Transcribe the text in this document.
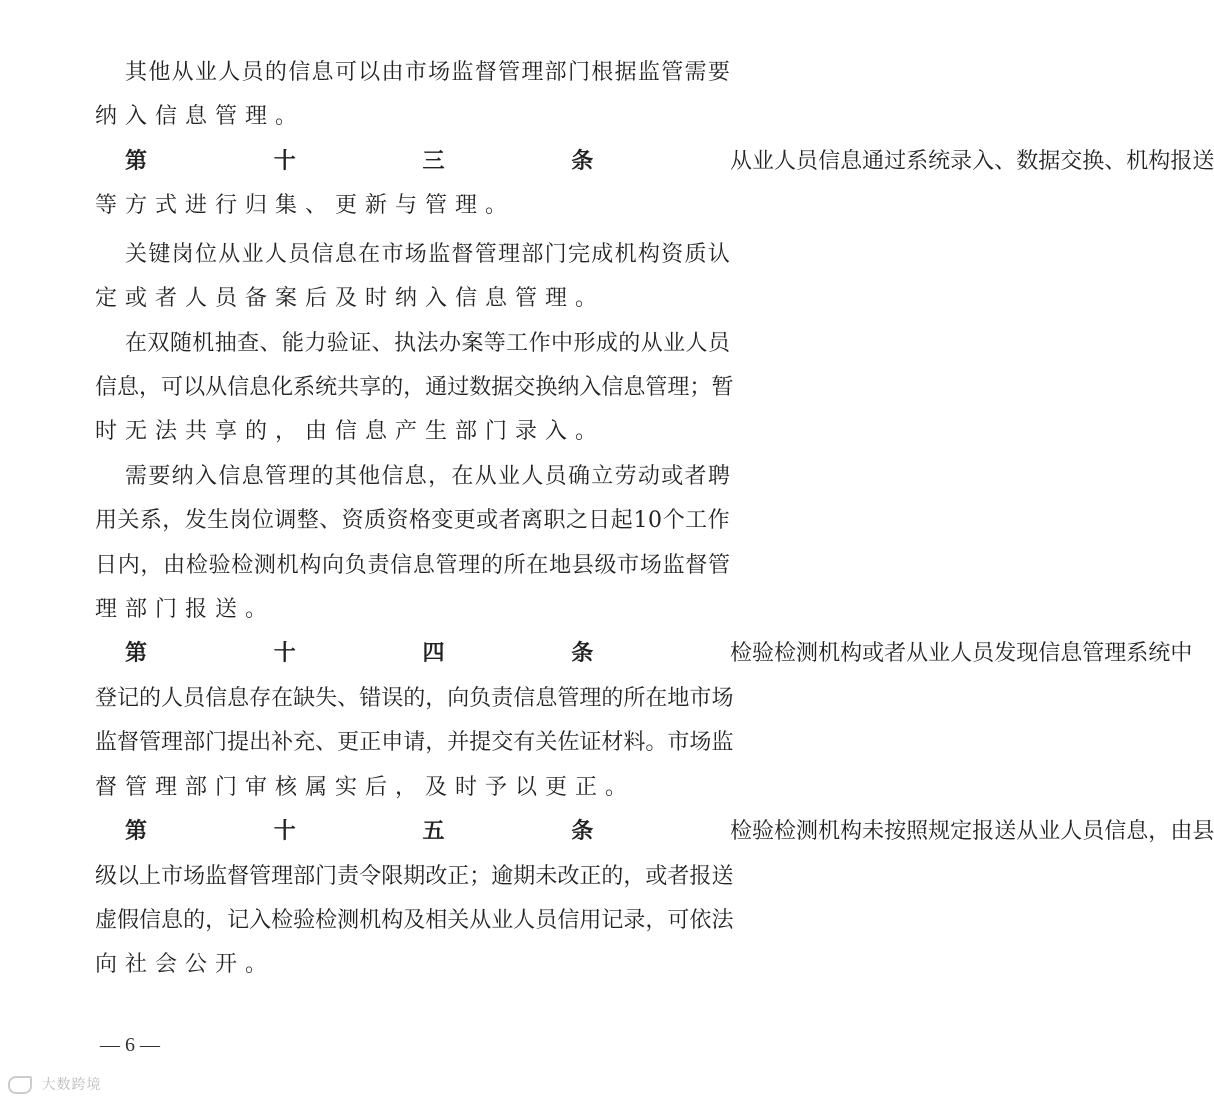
其 他 从 业 人 员 的 信 息 可 以 由 市 场 监 督 管 理 部 门 根 据 监 管 需 要
纳入信息管理。
第十三条 从 业 人 员 信 息 通 过 系 统 录 入 、 数 据 交 换 、 机 构 报 送
等方式进行归集、更新与管理。
关 键 岗 位 从 业 人 员 信 息 在 市 场 监 督 管 理 部 门 完 成 机 构 资 质 认
定或者人员备案后及时纳入信息管理。
在 双 随 机 抽 查 、 能 力 验 证 、 执 法 办 案 等 工 作 中 形 成 的 从 业 人 员
信 息 ， 可 以 从 信 息 化 系 统 共 享 的 ， 通 过 数 据 交 换 纳 入 信 息 管 理 ； 暂
时无法共享的，由信息产生部门录入。
需 要 纳 入 信 息 管 理 的 其 他 信 息 ， 在 从 业 人 员 确 立 劳 动 或 者 聘
用 关 系 ， 发 生 岗 位 调 整 、 资 质 资 格 变 更 或 者 离 职 之 日 起 1 0 个 工 作
日 内 ， 由 检 验 检 测 机 构 向 负 责 信 息 管 理 的 所 在 地 县 级 市 场 监 督 管
理部门报送。
第十四条 检 验 检 测 机 构 或 者 从 业 人 员 发 现 信 息 管 理 系 统 中
登 记 的 人 员 信 息 存 在 缺 失 、 错 误 的 ， 向 负 责 信 息 管 理 的 所 在 地 市 场
监 督 管 理 部 门 提 出 补 充 、 更 正 申 请 ， 并 提 交 有 关 佐 证 材 料 。 市 场 监
督管理部门审核属实后，及时予以更正。
第十五条 检 验 检 测 机 构 未 按 照 规 定 报 送 从 业 人 员 信 息 ， 由 县
级 以 上 市 场 监 督 管 理 部 门 责 令 限 期 改 正 ； 逾 期 未 改 正 的 ， 或 者 报 送
虚 假 信 息 的 ， 记 入 检 验 检 测 机 构 及 相 关 从 业 人 员 信 用 记 录 ， 可 依 法
向社会公开。
— 6 —
大数跨境
